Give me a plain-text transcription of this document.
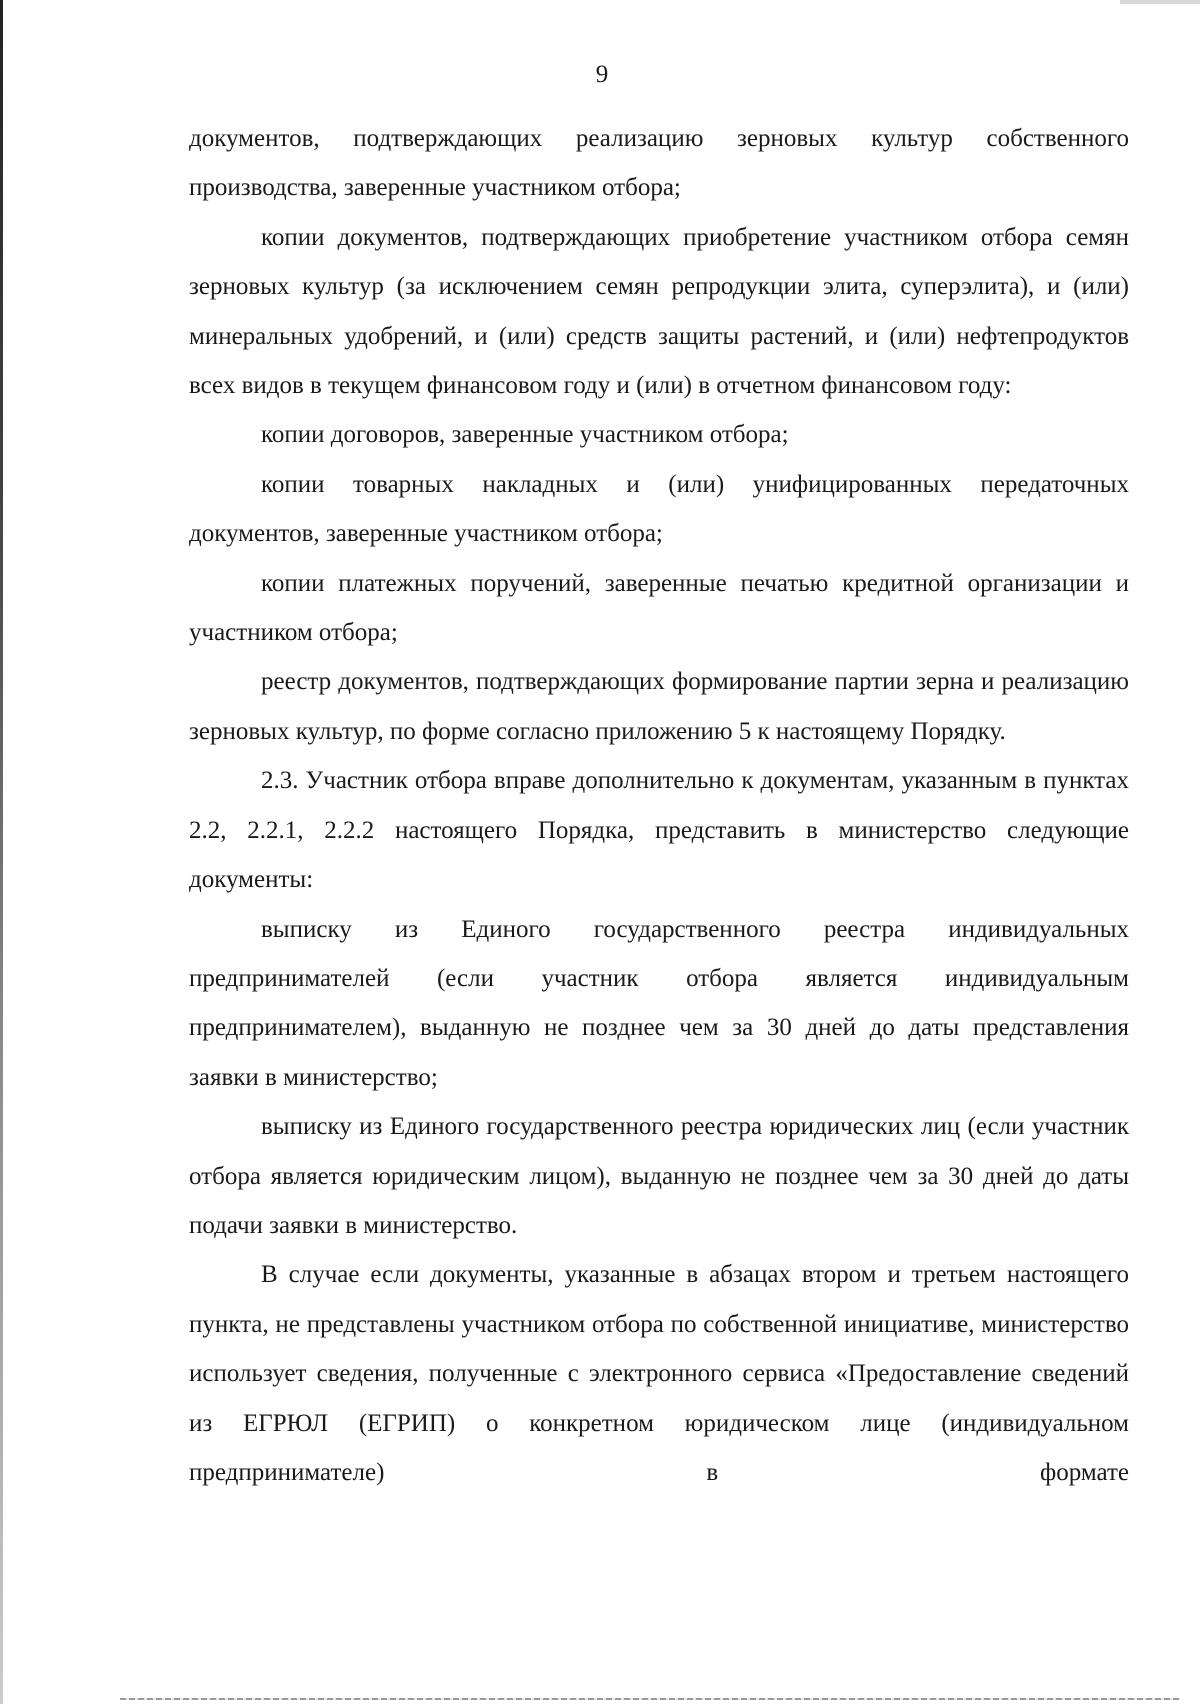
9

документов, подтверждающих реализацию зерновых культур собственного производства, заверенные участником отбора;

копии документов, подтверждающих приобретение участником отбора семян зерновых культур (за исключением семян репродукции элита, суперэлита), и (или) минеральных удобрений, и (или) средств защиты растений, и (или) нефтепродуктов всех видов в текущем финансовом году и (или) в отчетном финансовом году:

копии договоров, заверенные участником отбора;

копии товарных накладных и (или) унифицированных передаточных документов, заверенные участником отбора;

копии платежных поручений, заверенные печатью кредитной организации и участником отбора;

реестр документов, подтверждающих формирование партии зерна и реализацию зерновых культур, по форме согласно приложению 5 к настоящему Порядку.

2.3. Участник отбора вправе дополнительно к документам, указанным в пунктах 2.2, 2.2.1, 2.2.2 настоящего Порядка, представить в министерство следующие документы:

выписку из Единого государственного реестра индивидуальных предпринимателей (если участник отбора является индивидуальным предпринимателем), выданную не позднее чем за 30 дней до даты представления заявки в министерство;

выписку из Единого государственного реестра юридических лиц (если участник отбора является юридическим лицом), выданную не позднее чем за 30 дней до даты подачи заявки в министерство.

В случае если документы, указанные в абзацах втором и третьем настоящего пункта, не представлены участником отбора по собственной инициативе, министерство использует сведения, полученные с электронного сервиса «Предоставление сведений из ЕГРЮЛ (ЕГРИП) о конкретном юридическом лице (индивидуальном предпринимателе) в формате
